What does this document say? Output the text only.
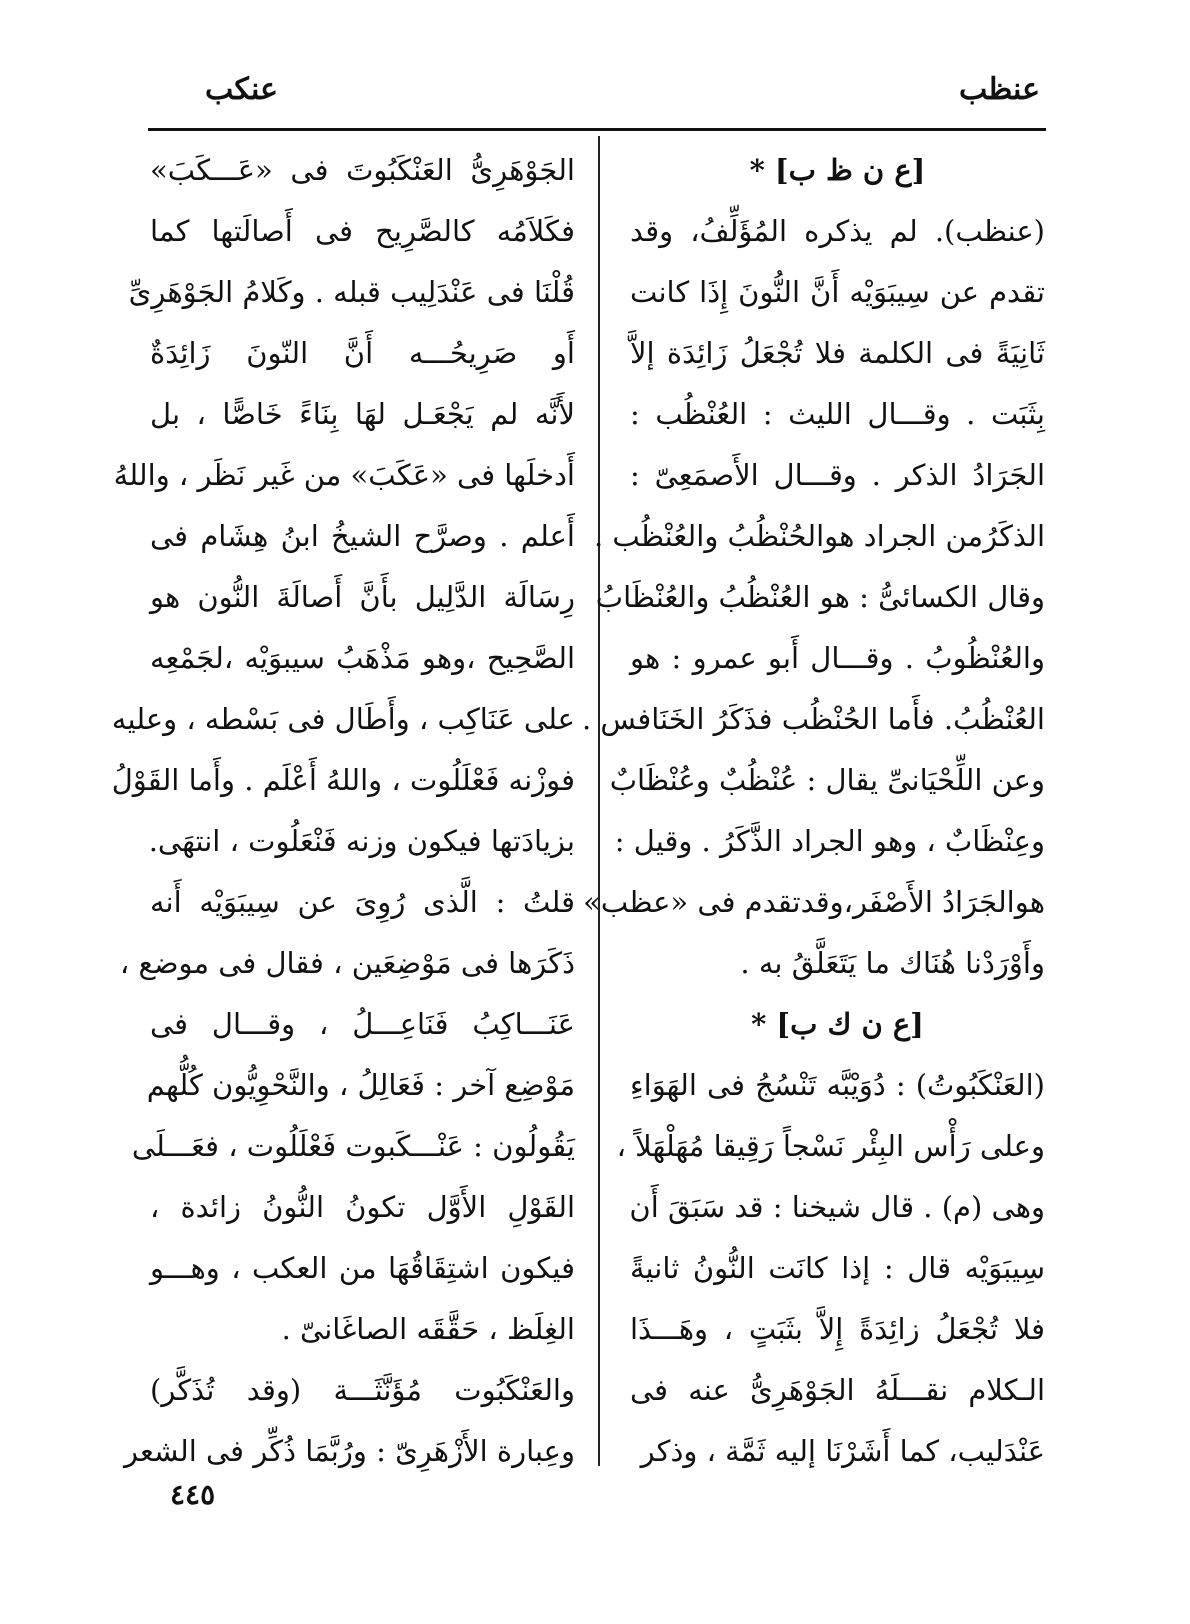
عنظب
عنكب
[ع ن ظ ب] *
(عنظب). لم يذكره المُؤَلِّفُ، وقد
تقدم عن سِيبَوَيْه أَنَّ النُّونَ إِذَا كانت
ثَانِيَةً فى الكلمة فلا تُجْعَلُ زَائِدَة إلاَّ
بِثَبَت . وقـــال الليث : العُنْظُب :
الجَرَادُ الذكر . وقـــال الأَصمَعِىّ :
الذكَرُمن الجراد هوالحُنْظُبُ والعُنْظُب .
وقال الكسائىُّ : هو العُنْظُبُ والعُنْظَابُ
والعُنْظُوبُ . وقـــال أَبو عمرو : هو
العُنْظُبُ. فأَما الحُنْظُب فذَكَرُ الخَنَافس .
وعن اللِّحْيَانىِّ يقال : عُنْظُبٌ وعُنْظَابٌ
وعِنْظَابٌ ، وهو الجراد الذَّكَرُ . وقيل :
هوالجَرَادُ الأَصْفَر،وقدتقدم فى «عظب»
وأَوْرَدْنا هُنَاك ما يَتَعَلَّقُ به .
[ع ن ك ب] *
(العَنْكَبُوتُ) : دُوَيْبَّه تَنْسُجُ فى الهَوَاءِ
وعلى رَأْس البِئْر نَسْجاً رَقِيقا مُهَلْهَلاً ،
وهى (م) . قال شيخنا : قد سَبَقَ أَن
سِيبَوَيْه قال : إذا كانَت النُّونُ ثانيةً
فلا تُجْعَلُ زائِدَةً إِلاَّ بثَبَتٍ ، وهَـــذَا
الـكلام نقـــلَهُ الجَوْهَرِىُّ عنه فى
عَنْدَليب، كما أَشَرْنَا إليه ثَمَّة ، وذكر
الجَوْهَرِىُّ العَنْكَبُوتَ فى «عَـــكَبَ»
فكَلاَمُه كالصَّرِيح فى أَصالَتها كما
قُلْنَا فى عَنْدَلِيب قبله . وكَلامُ الجَوْهَرِىِّ
أَو صَرِيحُـــه أَنَّ النّونَ زَائِدَةٌ
لأَنَّه لم يَجْعَـل لهَا بِنَاءً خَاصًّا ، بل
أَدخلَها فى «عَكَبَ» من غَير نَظَر ، واللهُ
أَعلم . وصرَّح الشيخُ ابنُ هِشَام فى
رِسَالَة الدَّلِيل بأَنَّ أَصالَةَ النُّون هو
الصَّحِيح ،وهو مَذْهَبُ سيبوَيْه ،لجَمْعِه
على عَنَاكِب ، وأَطَال فى بَسْطه ، وعليه
فوزْنه فَعْلَلُوت ، واللهُ أَعْلَم . وأَما القَوْلُ
بزيادَتها فيكون وزنه فَنْعَلُوت ، انتهَى.
قلتُ : الَّذى رُوِىَ عن سِيبَوَيْه أَنه
ذَكَرَها فى مَوْضِعَين ، فقال فى موضع ،
عَنَـــاكِبُ فَنَاعِـــلُ ، وقـــال فى
مَوْضِع آخر : فَعَالِلُ ، والنَّحْوِيُّون كُلُّهم
يَقُولُون : عَنْـــكَبوت فَعْلَلُوت ، فعَـــلَى
القَوْلِ الأَوَّل تكونُ النُّونُ زائدة ،
فيكون اشتِقَاقُهَا من العكب ، وهـــو
الغِلَظ ، حَقَّقَه الصاغَانىّ .
والعَنْكَبُوت مُؤَنَّثَـــة (وقد تُذَكَّر)
وعِبارة الأَزْهَرِىّ : ورُبَّمَا ذُكِّر فى الشعر
٤٤٥
